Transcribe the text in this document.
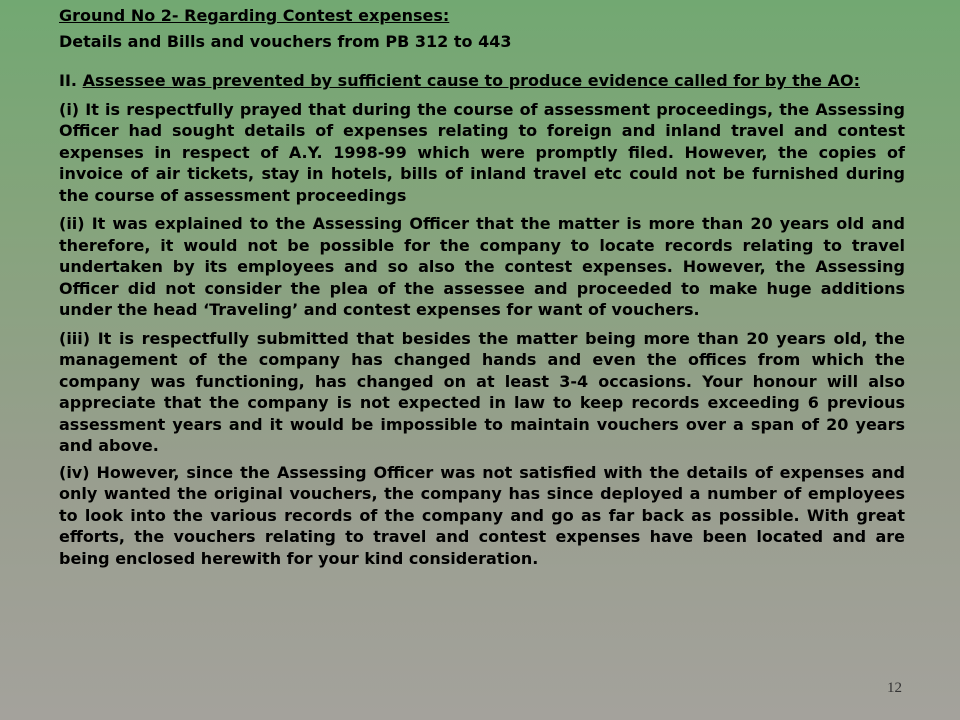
Ground No 2- Regarding Contest expenses:

Details and Bills and vouchers from PB 312 to 443

II. Assessee was prevented by sufficient cause to produce evidence called for by the AO:

(i) It is respectfully prayed that during the course of assessment proceedings, the Assessing Officer had sought details of expenses relating to foreign and inland travel and contest expenses in respect of A.Y. 1998-99 which were promptly filed. However, the copies of invoice of air tickets, stay in hotels, bills of inland travel etc could not be furnished during the course of assessment proceedings

(ii) It was explained to the Assessing Officer that the matter is more than 20 years old and therefore, it would not be possible for the company to locate records relating to travel undertaken by its employees and so also the contest expenses. However, the Assessing Officer did not consider the plea of the assessee and proceeded to make huge additions under the head ‘Traveling’ and contest expenses for want of vouchers.

(iii) It is respectfully submitted that besides the matter being more than 20 years old, the management of the company has changed hands and even the offices from which the company was functioning, has changed on at least 3-4 occasions. Your honour will also appreciate that the company is not expected in law to keep records exceeding 6 previous assessment years and it would be impossible to maintain vouchers over a span of 20 years and above.

(iv) However, since the Assessing Officer was not satisfied with the details of expenses and only wanted the original vouchers, the company has since deployed a number of employees to look into the various records of the company and go as far back as possible. With great efforts, the vouchers relating to travel and contest expenses have been located and are being enclosed herewith for your kind consideration.

12
